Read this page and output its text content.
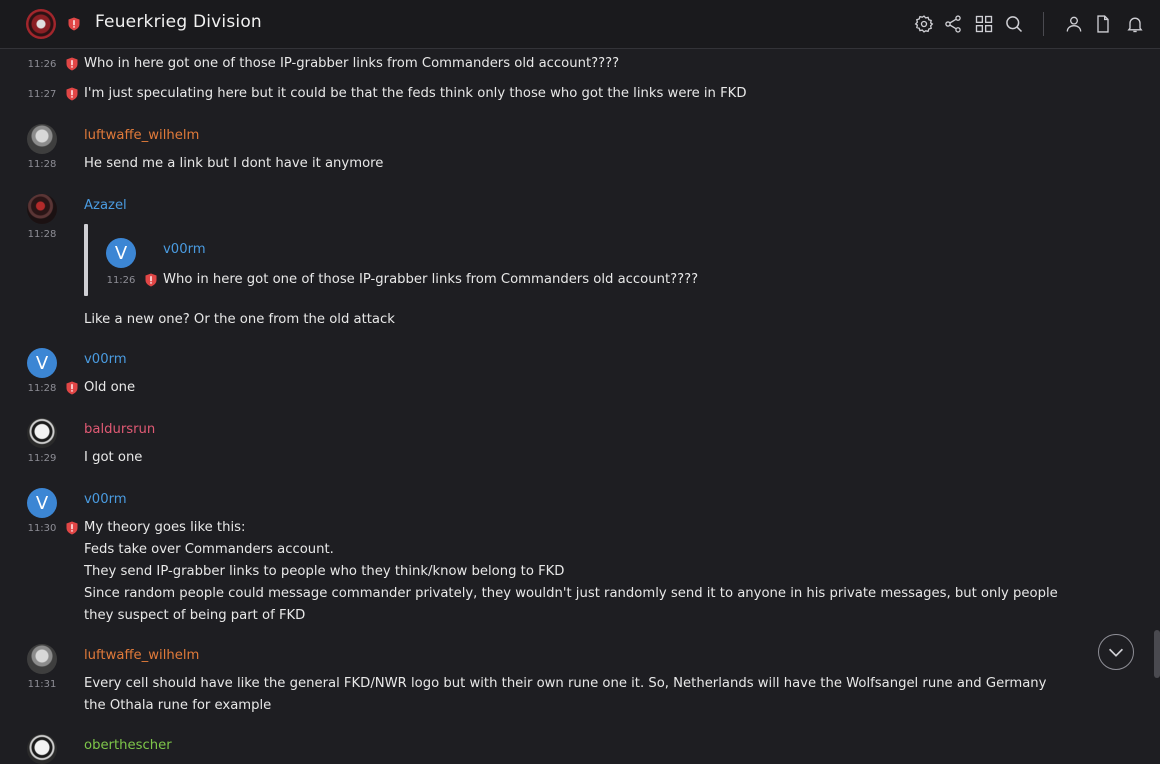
Feuerkrieg Division
11:26	Who in here got one of those IP-grabber links from Commanders old account????
11:27	I'm just speculating here but it could be that the feds think only those who got the links were in FKD
luftwaffe_wilhelm
11:28	He send me a link but I dont have it anymore
Azazel
11:28
V	v00rm
11:26	Who in here got one of those IP-grabber links from Commanders old account????
Like a new one? Or the one from the old attack
V	v00rm
11:28	Old one
baldursrun
11:29	I got one
V	v00rm
11:30	My theory goes like this:
Feds take over Commanders account.
They send IP-grabber links to people who they think/know belong to FKD
Since random people could message commander privately, they wouldn't just randomly send it to anyone in his private messages, but only people
they suspect of being part of FKD
luftwaffe_wilhelm
11:31	Every cell should have like the general FKD/NWR logo but with their own rune one it. So, Netherlands will have the Wolfsangel rune and Germany
the Othala rune for example
oberthescher
